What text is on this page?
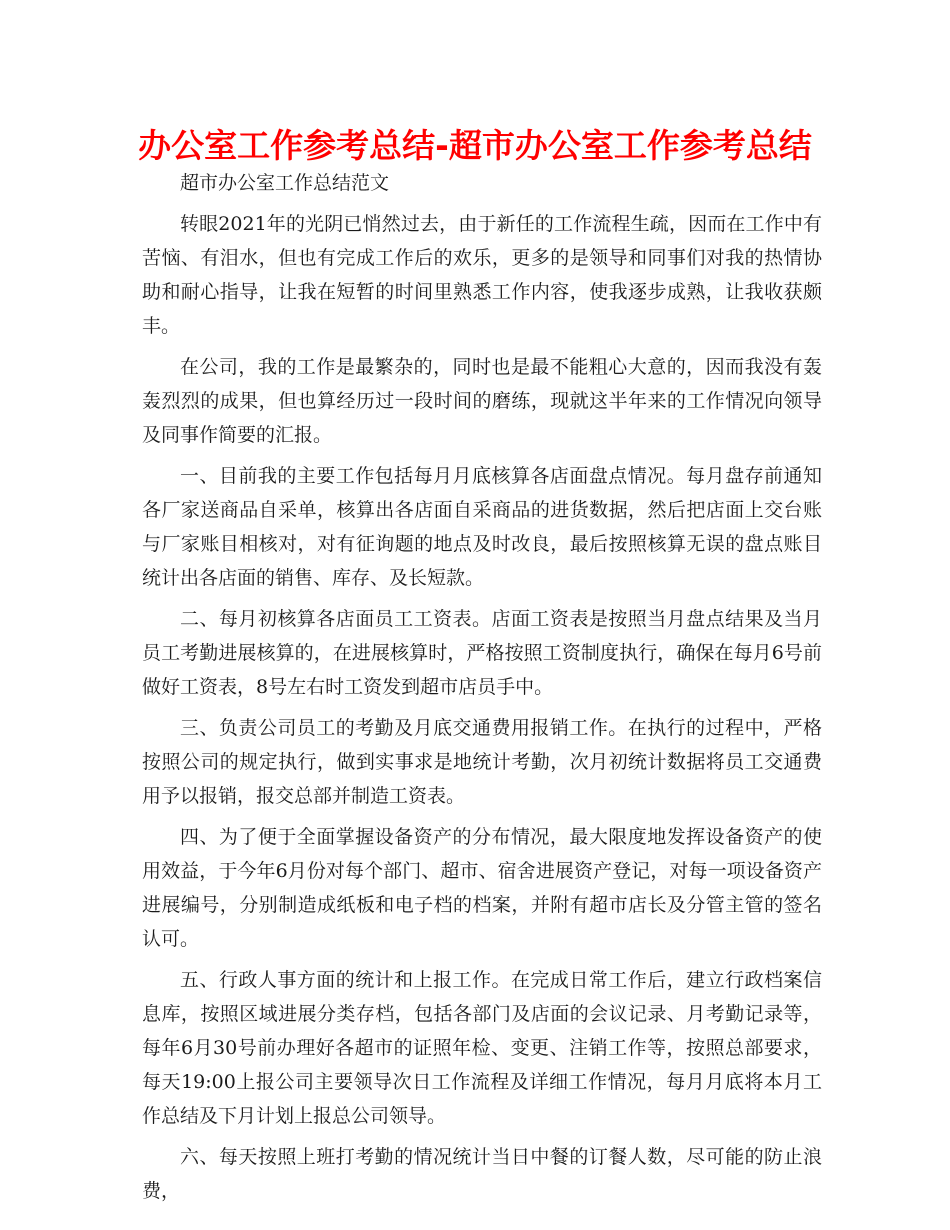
办公室工作参考总结-超市办公室工作参考总结

超市办公室工作总结范文

转眼2021年的光阴已悄然过去，由于新任的工作流程生疏，因而在工作中有苦恼、有泪水，但也有完成工作后的欢乐，更多的是领导和同事们对我的热情协助和耐心指导，让我在短暂的时间里熟悉工作内容，使我逐步成熟，让我收获颇丰。

在公司，我的工作是最繁杂的，同时也是最不能粗心大意的，因而我没有轰轰烈烈的成果，但也算经历过一段时间的磨练，现就这半年来的工作情况向领导及同事作简要的汇报。

一、目前我的主要工作包括每月月底核算各店面盘点情况。每月盘存前通知各厂家送商品自采单，核算出各店面自采商品的进货数据，然后把店面上交台账与厂家账目相核对，对有征询题的地点及时改良，最后按照核算无误的盘点账目统计出各店面的销售、库存、及长短款。

二、每月初核算各店面员工工资表。店面工资表是按照当月盘点结果及当月员工考勤进展核算的，在进展核算时，严格按照工资制度执行，确保在每月6号前做好工资表，8号左右时工资发到超市店员手中。

三、负责公司员工的考勤及月底交通费用报销工作。在执行的过程中，严格按照公司的规定执行，做到实事求是地统计考勤，次月初统计数据将员工交通费用予以报销，报交总部并制造工资表。

四、为了便于全面掌握设备资产的分布情况，最大限度地发挥设备资产的使用效益，于今年6月份对每个部门、超市、宿舍进展资产登记，对每一项设备资产进展编号，分别制造成纸板和电子档的档案，并附有超市店长及分管主管的签名认可。

五、行政人事方面的统计和上报工作。在完成日常工作后，建立行政档案信息库，按照区域进展分类存档，包括各部门及店面的会议记录、月考勤记录等，每年6月30号前办理好各超市的证照年检、变更、注销工作等，按照总部要求，每天19:00上报公司主要领导次日工作流程及详细工作情况，每月月底将本月工作总结及下月计划上报总公司领导。

六、每天按照上班打考勤的情况统计当日中餐的订餐人数，尽可能的防止浪费，
